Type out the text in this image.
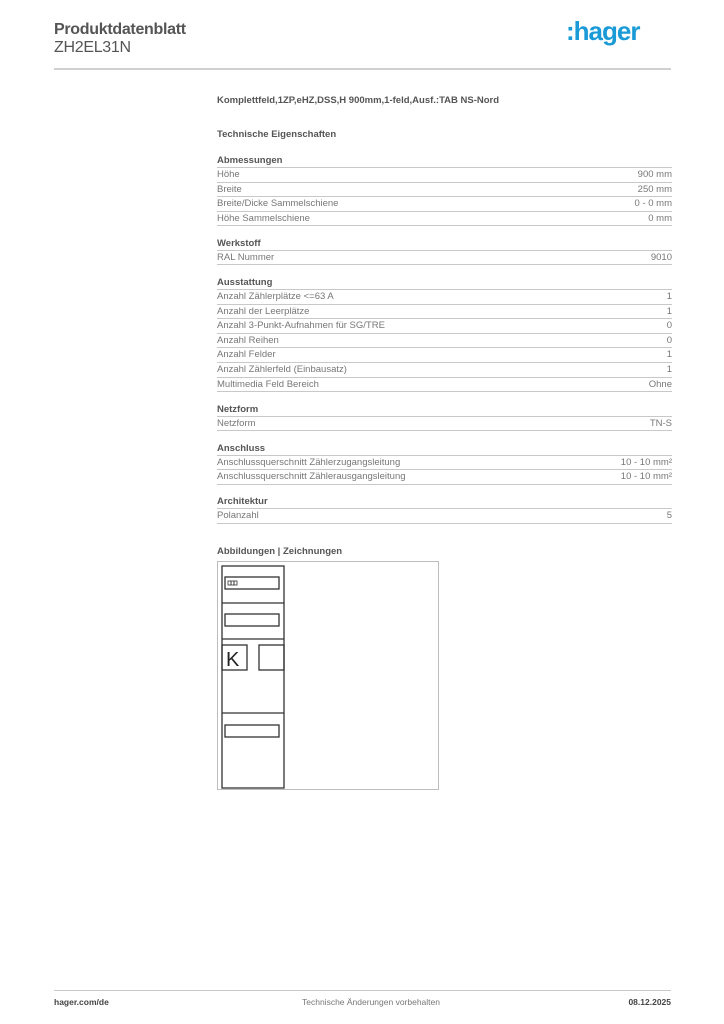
Produktdatenblatt
ZH2EL31N
:hager
Komplettfeld,1ZP,eHZ,DSS,H 900mm,1-feld,Ausf.:TAB NS-Nord
Technische Eigenschaften
Abmessungen
Höhe	900 mm
Breite	250 mm
Breite/Dicke Sammelschiene	0 - 0 mm
Höhe Sammelschiene	0 mm
Werkstoff
RAL Nummer	9010
Ausstattung
Anzahl Zählerplätze <=63 A	1
Anzahl der Leerplätze	1
Anzahl 3-Punkt-Aufnahmen für SG/TRE	0
Anzahl Reihen	0
Anzahl Felder	1
Anzahl Zählerfeld (Einbausatz)	1
Multimedia Feld Bereich	Ohne
Netzform
Netzform	TN-S
Anschluss
Anschlussquerschnitt Zählerzugangsleitung	10 - 10 mm²
Anschlussquerschnitt Zählerausgangsleitung	10 - 10 mm²
Architektur
Polanzahl	5
Abbildungen | Zeichnungen
K
hager.com/de	Technische Änderungen vorbehalten	08.12.2025
